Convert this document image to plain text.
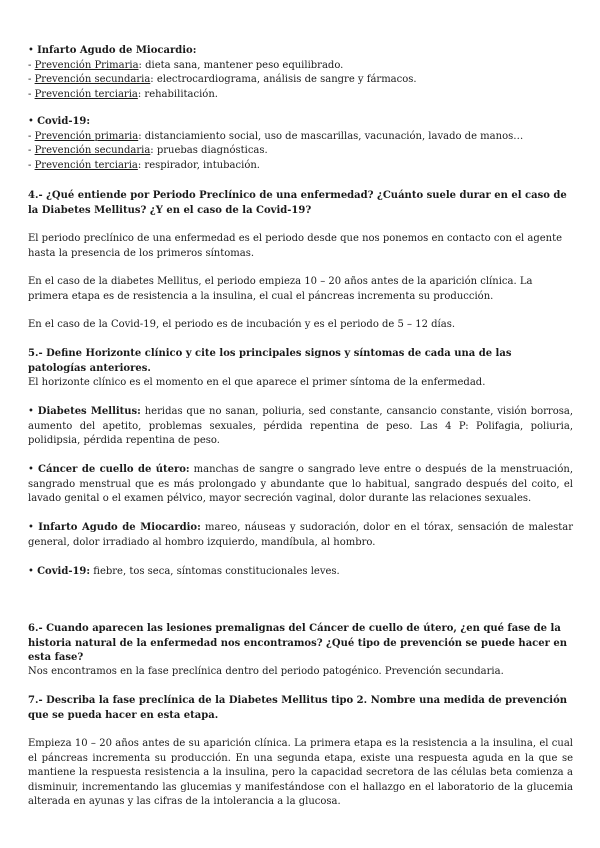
• Infarto Agudo de Miocardio:

- Prevención Primaria: dieta sana, mantener peso equilibrado.

- Prevención secundaria: electrocardiograma, análisis de sangre y fármacos.

- Prevención terciaria: rehabilitación.

• Covid-19:

- Prevención primaria: distanciamiento social, uso de mascarillas, vacunación, lavado de manos…

- Prevención secundaria: pruebas diagnósticas.

- Prevención terciaria: respirador, intubación.

4.- ¿Qué entiende por Periodo Preclínico de una enfermedad? ¿Cuánto suele durar en el caso de la Diabetes Mellitus? ¿Y en el caso de la Covid-19?

El periodo preclínico de una enfermedad es el periodo desde que nos ponemos en contacto con el agente hasta la presencia de los primeros síntomas.

En el caso de la diabetes Mellitus, el periodo empieza 10 – 20 años antes de la aparición clínica. La primera etapa es de resistencia a la insulina, el cual el páncreas incrementa su producción.

En el caso de la Covid-19, el periodo es de incubación y es el periodo de 5 – 12 días.

5.- Define Horizonte clínico y cite los principales signos y síntomas de cada una de las patologías anteriores.

El horizonte clínico es el momento en el que aparece el primer síntoma de la enfermedad.

• Diabetes Mellitus: heridas que no sanan, poliuria, sed constante, cansancio constante, visión borrosa, aumento del apetito, problemas sexuales, pérdida repentina de peso. Las 4 P: Polifagia, poliuria, polidipsia, pérdida repentina de peso.

• Cáncer de cuello de útero: manchas de sangre o sangrado leve entre o después de la menstruación, sangrado menstrual que es más prolongado y abundante que lo habitual, sangrado después del coito, el lavado genital o el examen pélvico, mayor secreción vaginal, dolor durante las relaciones sexuales.

• Infarto Agudo de Miocardio: mareo, náuseas y sudoración, dolor en el tórax, sensación de malestar general, dolor irradiado al hombro izquierdo, mandíbula, al hombro.

• Covid-19: fiebre, tos seca, síntomas constitucionales leves.

6.- Cuando aparecen las lesiones premalignas del Cáncer de cuello de útero, ¿en qué fase de la historia natural de la enfermedad nos encontramos? ¿Qué tipo de prevención se puede hacer en esta fase?

Nos encontramos en la fase preclínica dentro del periodo patogénico. Prevención secundaria.

7.- Describa la fase preclínica de la Diabetes Mellitus tipo 2. Nombre una medida de prevención que se pueda hacer en esta etapa.

Empieza 10 – 20 años antes de su aparición clínica. La primera etapa es la resistencia a la insulina, el cual el páncreas incrementa su producción. En una segunda etapa, existe una respuesta aguda en la que se mantiene la respuesta resistencia a la insulina, pero la capacidad secretora de las células beta comienza a disminuir, incrementando las glucemias y manifestándose con el hallazgo en el laboratorio de la glucemia alterada en ayunas y las cifras de la intolerancia a la glucosa.
